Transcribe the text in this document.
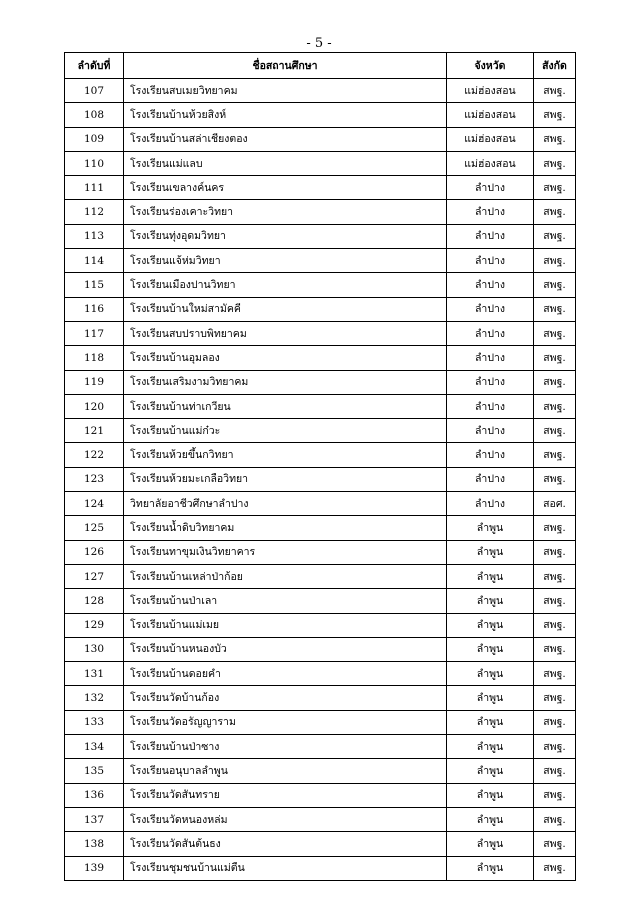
- 5 -
ลำดับที่	ชื่อสถานศึกษา	จังหวัด	สังกัด
107	โรงเรียนสบเมยวิทยาคม	แม่ฮ่องสอน	สพฐ.
108	โรงเรียนบ้านห้วยสิงห์	แม่ฮ่องสอน	สพฐ.
109	โรงเรียนบ้านสล่าเชียงตอง	แม่ฮ่องสอน	สพฐ.
110	โรงเรียนแม่แลบ	แม่ฮ่องสอน	สพฐ.
111	โรงเรียนเขลางค์นคร	ลำปาง	สพฐ.
112	โรงเรียนร่องเคาะวิทยา	ลำปาง	สพฐ.
113	โรงเรียนทุ่งอุดมวิทยา	ลำปาง	สพฐ.
114	โรงเรียนแจ้ห่มวิทยา	ลำปาง	สพฐ.
115	โรงเรียนเมืองปานวิทยา	ลำปาง	สพฐ.
116	โรงเรียนบ้านใหม่สามัคคี	ลำปาง	สพฐ.
117	โรงเรียนสบปราบพิทยาคม	ลำปาง	สพฐ.
118	โรงเรียนบ้านอุมลอง	ลำปาง	สพฐ.
119	โรงเรียนเสริมงามวิทยาคม	ลำปาง	สพฐ.
120	โรงเรียนบ้านท่าเกวียน	ลำปาง	สพฐ.
121	โรงเรียนบ้านแม่ก๋วะ	ลำปาง	สพฐ.
122	โรงเรียนห้วยขึ้นกวิทยา	ลำปาง	สพฐ.
123	โรงเรียนห้วยมะเกลือวิทยา	ลำปาง	สพฐ.
124	วิทยาลัยอาชีวศึกษาลำปาง	ลำปาง	สอศ.
125	โรงเรียนน้ำดิบวิทยาคม	ลำพูน	สพฐ.
126	โรงเรียนทาขุมเงินวิทยาคาร	ลำพูน	สพฐ.
127	โรงเรียนบ้านเหล่าป่าก้อย	ลำพูน	สพฐ.
128	โรงเรียนบ้านป่าเลา	ลำพูน	สพฐ.
129	โรงเรียนบ้านแม่เมย	ลำพูน	สพฐ.
130	โรงเรียนบ้านหนองบัว	ลำพูน	สพฐ.
131	โรงเรียนบ้านดอยคำ	ลำพูน	สพฐ.
132	โรงเรียนวัดบ้านก้อง	ลำพูน	สพฐ.
133	โรงเรียนวัดอรัญญาราม	ลำพูน	สพฐ.
134	โรงเรียนบ้านป่าซาง	ลำพูน	สพฐ.
135	โรงเรียนอนุบาลลำพูน	ลำพูน	สพฐ.
136	โรงเรียนวัดสันทราย	ลำพูน	สพฐ.
137	โรงเรียนวัดหนองหล่ม	ลำพูน	สพฐ.
138	โรงเรียนวัดสันต้นธง	ลำพูน	สพฐ.
139	โรงเรียนชุมชนบ้านแม่ตืน	ลำพูน	สพฐ.
